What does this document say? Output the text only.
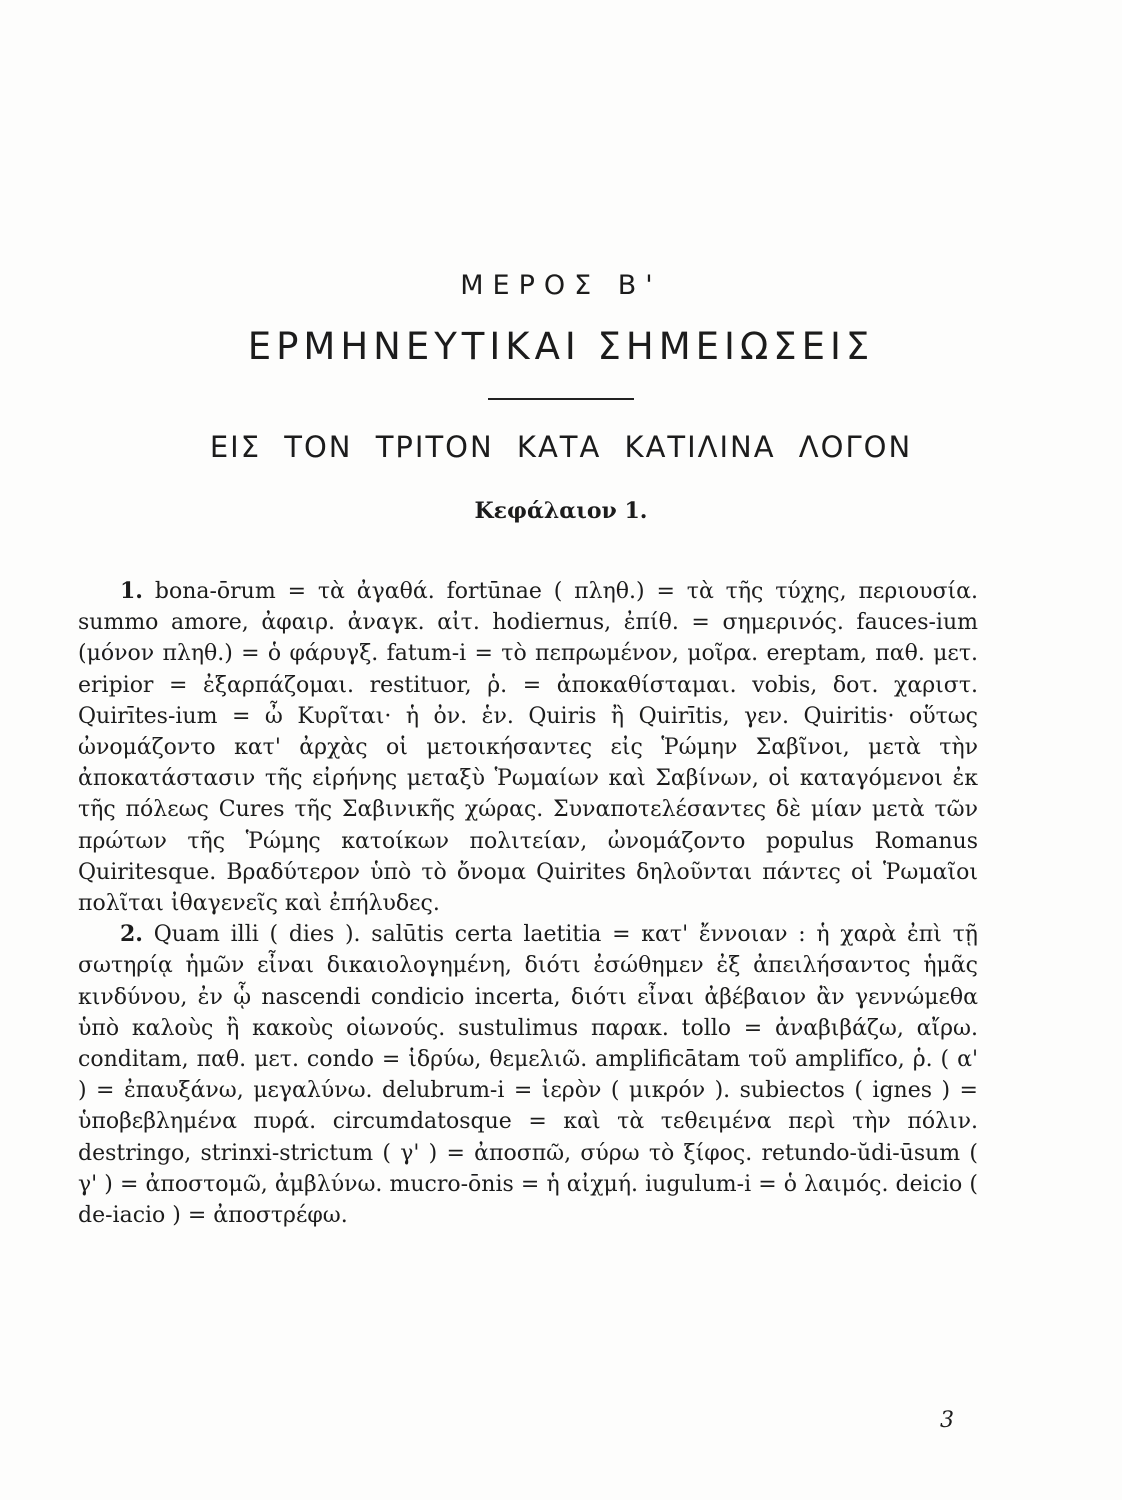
ΜΕΡΟΣ Β'
ΕΡΜΗΝΕΥΤΙΚΑΙ ΣΗΜΕΙΩΣΕΙΣ
ΕΙΣ ΤΟΝ ΤΡΙΤΟΝ ΚΑΤΑ ΚΑΤΙΛΙΝΑ ΛΟΓΟΝ
Κεφάλαιον 1.

1. bona-ōrum = τὰ ἀγαθά. fortūnae ( πληθ.) = τὰ τῆς τύχης, περιουσία. summo amore, ἀφαιρ. ἀναγκ. αἰτ. hodiernus, ἐπίθ. = σημερινός. fauces-ium (μόνον πληθ.) = ὁ φάρυγξ. fatum-i = τὸ πεπρωμένον, μοῖρα. ereptam, παθ. μετ. eripior = ἐξαρπάζομαι. restituor, ῥ. = ἀποκαθίσταμαι. vobis, δοτ. χαριστ. Quirītes-ium = ὦ Κυρῖται· ἡ ὀν. ἑν. Quiris ἢ Quirītis, γεν. Quiritis· οὕτως ὠνομάζοντο κατ' ἀρχὰς οἱ μετοικήσαντες εἰς Ῥώμην Σαβῖνοι, μετὰ τὴν ἀποκατάστασιν τῆς εἰρήνης μεταξὺ Ῥωμαίων καὶ Σαβίνων, οἱ καταγόμενοι ἐκ τῆς πόλεως Cures τῆς Σαβινικῆς χώρας. Συναποτελέσαντες δὲ μίαν μετὰ τῶν πρώτων τῆς Ῥώμης κατοίκων πολιτείαν, ὠνομάζοντο populus Romanus Quiritesque. Βραδύτερον ὑπὸ τὸ ὄνομα Quirites δηλοῦνται πάντες οἱ Ῥωμαῖοι πολῖται ἰθαγενεῖς καὶ ἐπήλυδες.

2. Quam illi ( dies ). salūtis certa laetitia = κατ' ἔννοιαν : ἡ χαρὰ ἐπὶ τῇ σωτηρίᾳ ἡμῶν εἶναι δικαιολογημένη, διότι ἐσώθημεν ἐξ ἀπειλήσαντος ἡμᾶς κινδύνου, ἐν ᾧ nascendi condicio incerta, διότι εἶναι ἀβέβαιον ἂν γεννώμεθα ὑπὸ καλοὺς ἢ κακοὺς οἰωνούς. sustulimus παρακ. tollo = ἀναβιβάζω, αἴρω. conditam, παθ. μετ. condo = ἱδρύω, θεμελιῶ. amplificātam τοῦ amplifĭco, ῥ. ( α' ) = ἐπαυξάνω, μεγαλύνω. delubrum-i = ἱερὸν ( μικρόν ). subiectos ( ignes ) = ὑποβεβλημένα πυρά. circumdatosque = καὶ τὰ τεθειμένα περὶ τὴν πόλιν. destringo, strinxi-strictum ( γ' ) = ἀποσπῶ, σύρω τὸ ξίφος. retundo-ŭdi-ūsum ( γ' ) = ἀποστομῶ, ἀμβλύνω. mucro-ōnis = ἡ αἰχμή. iugulum-i = ὁ λαιμός. deicio ( de-iacio ) = ἀποστρέφω.

3
